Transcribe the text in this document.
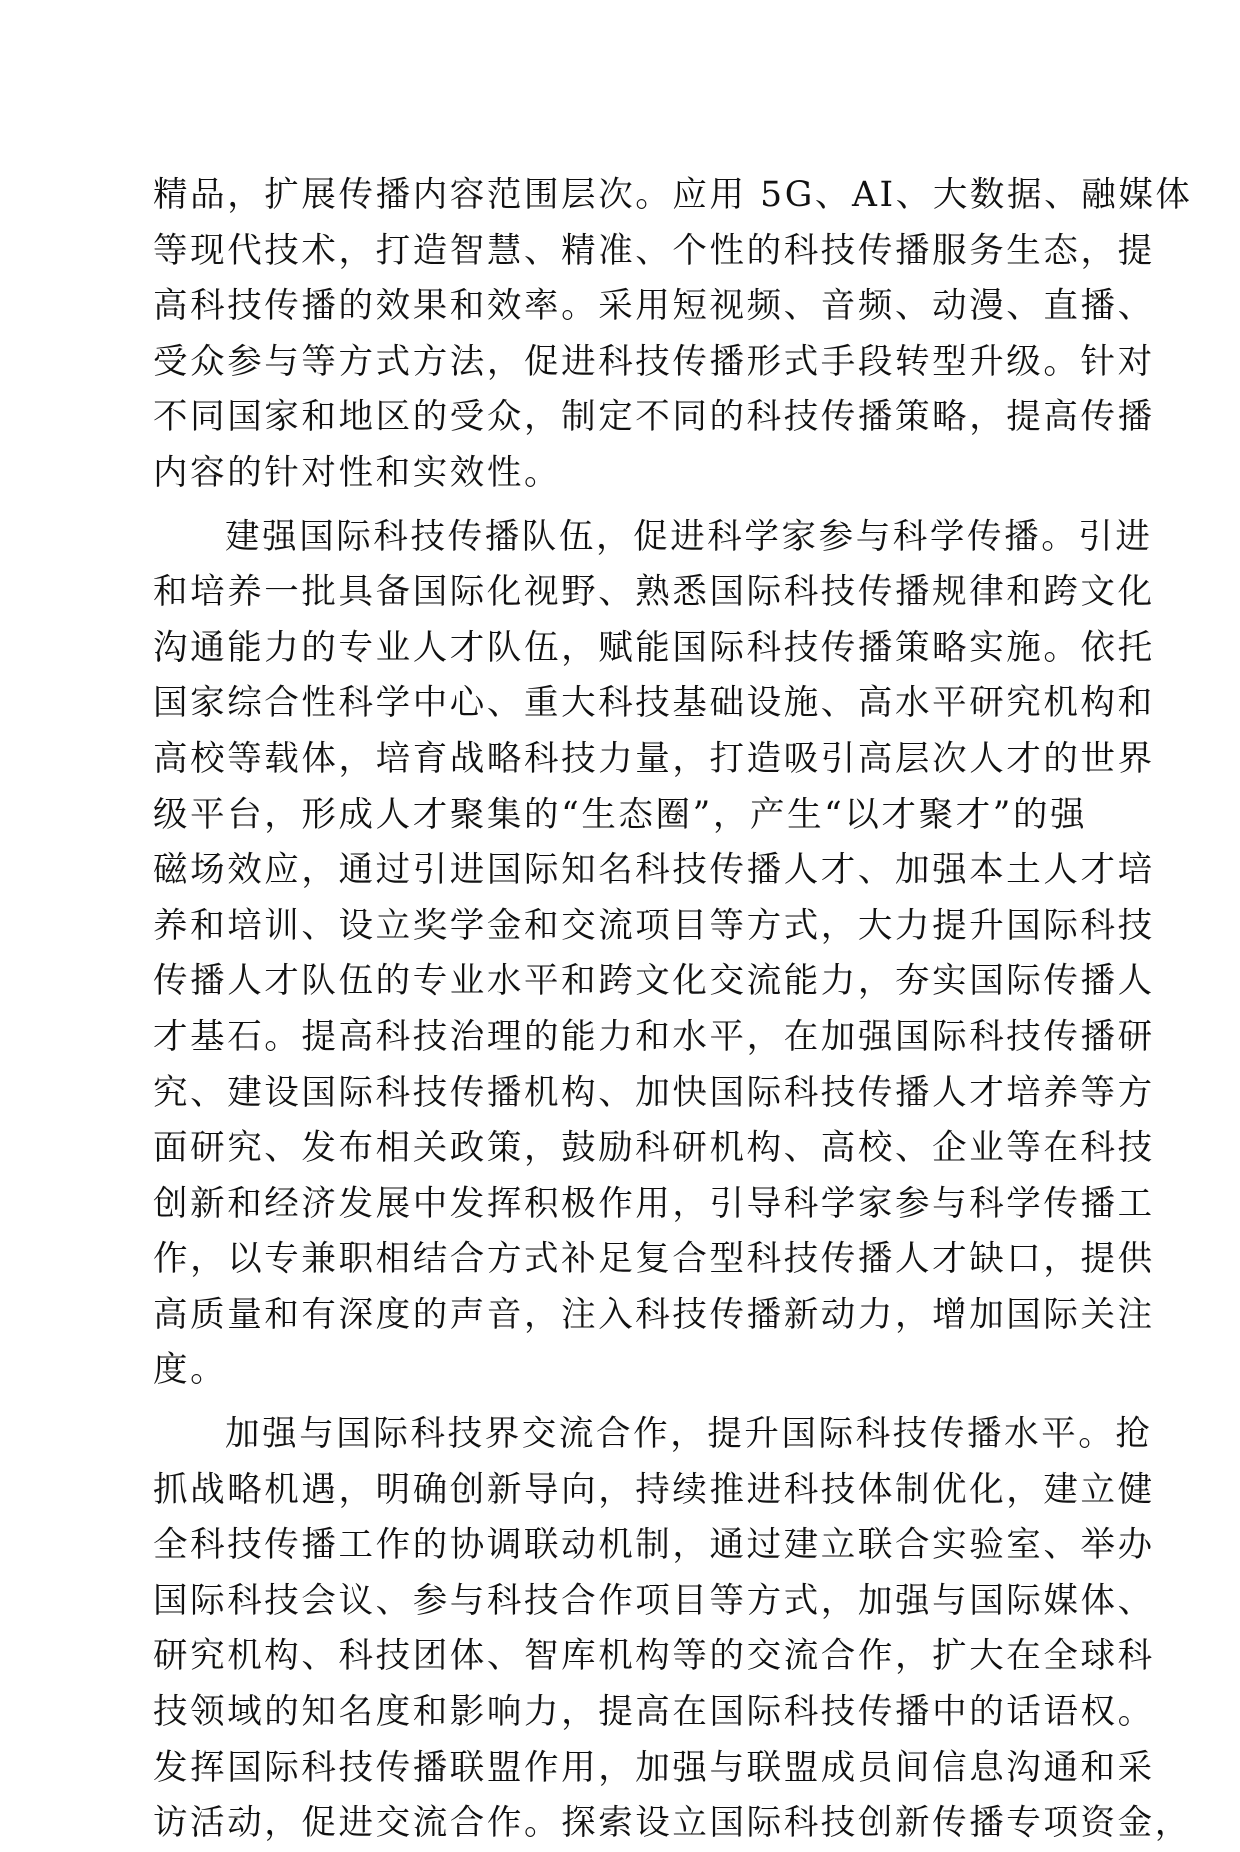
精品，扩展传播内容范围层次。应用 5G、AI、大数据、融媒体
等现代技术，打造智慧、精准、个性的科技传播服务生态，提
高科技传播的效果和效率。采用短视频、音频、动漫、直播、
受众参与等方式方法，促进科技传播形式手段转型升级。针对
不同国家和地区的受众，制定不同的科技传播策略，提高传播
内容的针对性和实效性。
建强国际科技传播队伍，促进科学家参与科学传播。引进
和培养一批具备国际化视野、熟悉国际科技传播规律和跨文化
沟通能力的专业人才队伍，赋能国际科技传播策略实施。依托
国家综合性科学中心、重大科技基础设施、高水平研究机构和
高校等载体，培育战略科技力量，打造吸引高层次人才的世界
级平台，形成人才聚集的“生态圈”，产生“以才聚才”的强
磁场效应，通过引进国际知名科技传播人才、加强本土人才培
养和培训、设立奖学金和交流项目等方式，大力提升国际科技
传播人才队伍的专业水平和跨文化交流能力，夯实国际传播人
才基石。提高科技治理的能力和水平，在加强国际科技传播研
究、建设国际科技传播机构、加快国际科技传播人才培养等方
面研究、发布相关政策，鼓励科研机构、高校、企业等在科技
创新和经济发展中发挥积极作用，引导科学家参与科学传播工
作，以专兼职相结合方式补足复合型科技传播人才缺口，提供
高质量和有深度的声音，注入科技传播新动力，增加国际关注
度。
加强与国际科技界交流合作，提升国际科技传播水平。抢
抓战略机遇，明确创新导向，持续推进科技体制优化，建立健
全科技传播工作的协调联动机制，通过建立联合实验室、举办
国际科技会议、参与科技合作项目等方式，加强与国际媒体、
研究机构、科技团体、智库机构等的交流合作，扩大在全球科
技领域的知名度和影响力，提高在国际科技传播中的话语权。
发挥国际科技传播联盟作用，加强与联盟成员间信息沟通和采
访活动，促进交流合作。探索设立国际科技创新传播专项资金，
